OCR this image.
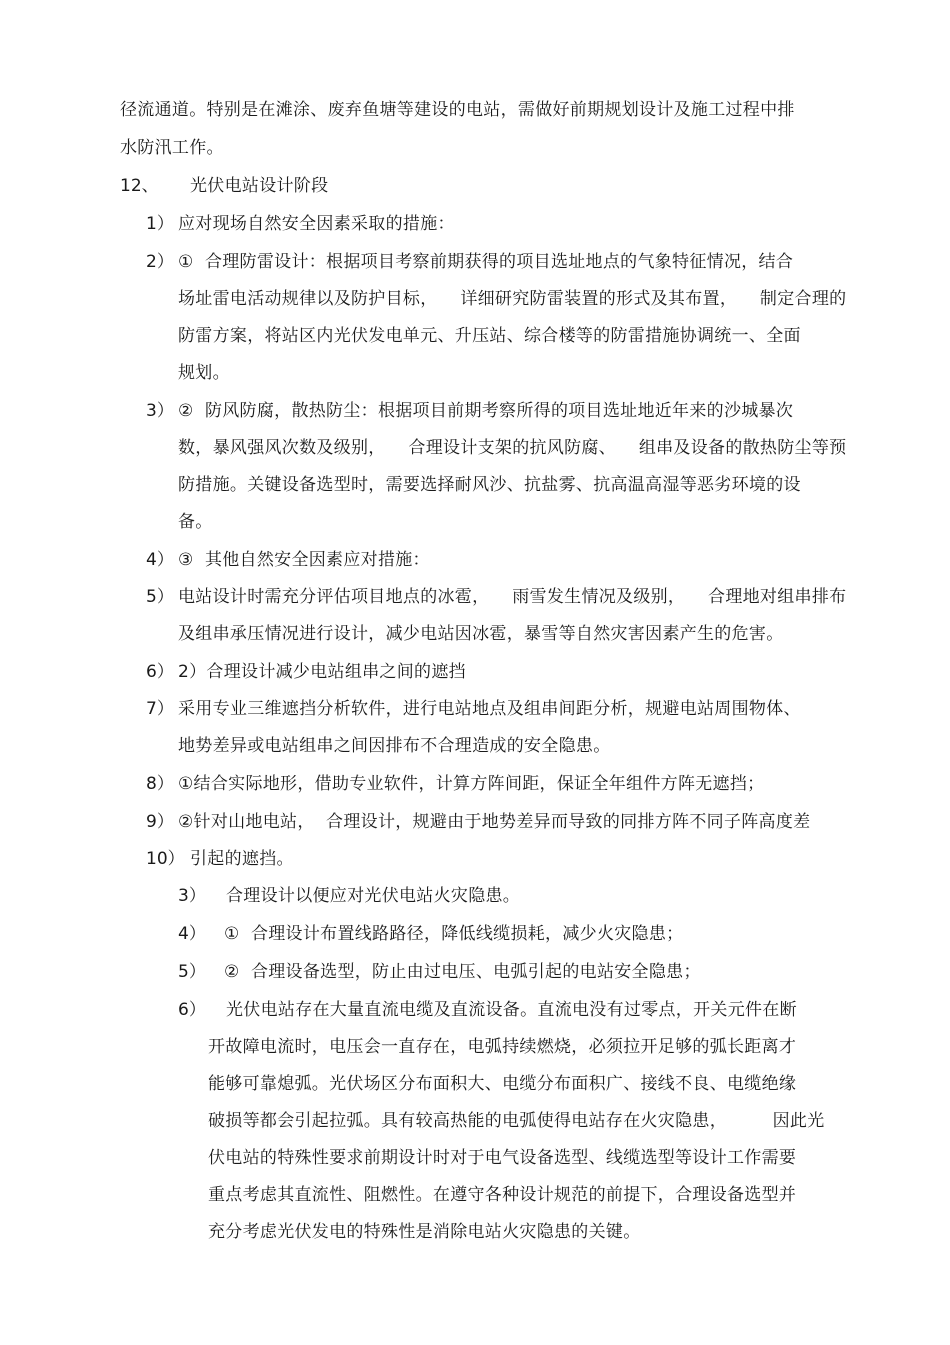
径流通道。特别是在滩涂、废弃鱼塘等建设的电站，需做好前期规划设计及施工过程中排
水防汛工作。
12、 光伏电站设计阶段
1） 应对现场自然安全因素采取的措施：
2） ①  合理防雷设计：根据项目考察前期获得的项目选址地点的气象特征情况，结合
场址雷电活动规律以及防护目标，    详细研究防雷装置的形式及其布置，    制定合理的
防雷方案，将站区内光伏发电单元、升压站、综合楼等的防雷措施协调统一、全面
规划。
3） ②  防风防腐，散热防尘：根据项目前期考察所得的项目选址地近年来的沙城暴次
数，暴风强风次数及级别，    合理设计支架的抗风防腐、    组串及设备的散热防尘等预
防措施。关键设备选型时，需要选择耐风沙、抗盐雾、抗高温高湿等恶劣环境的设
备。
4） ③  其他自然安全因素应对措施：
5） 电站设计时需充分评估项目地点的冰雹，    雨雪发生情况及级别，    合理地对组串排布
及组串承压情况进行设计，减少电站因冰雹，暴雪等自然灾害因素产生的危害。
6） 2）合理设计减少电站组串之间的遮挡
7） 采用专业三维遮挡分析软件，进行电站地点及组串间距分析，规避电站周围物体、
地势差异或电站组串之间因排布不合理造成的安全隐患。
8） ①结合实际地形，借助专业软件，计算方阵间距，保证全年组件方阵无遮挡；
9） ②针对山地电站，  合理设计，规避由于地势差异而导致的同排方阵不同子阵高度差
10） 引起的遮挡。
3） 合理设计以便应对光伏电站火灾隐患。
4） ①  合理设计布置线路路径，降低线缆损耗，减少火灾隐患；
5） ②  合理设备选型，防止由过电压、电弧引起的电站安全隐患；
6） 光伏电站存在大量直流电缆及直流设备。直流电没有过零点，开关元件在断
开故障电流时，电压会一直存在，电弧持续燃烧，必须拉开足够的弧长距离才
能够可靠熄弧。光伏场区分布面积大、电缆分布面积广、接线不良、电缆绝缘
破损等都会引起拉弧。具有较高热能的电弧使得电站存在火灾隐患，        因此光
伏电站的特殊性要求前期设计时对于电气设备选型、线缆选型等设计工作需要
重点考虑其直流性、阻燃性。在遵守各种设计规范的前提下，合理设备选型并
充分考虑光伏发电的特殊性是消除电站火灾隐患的关键。
